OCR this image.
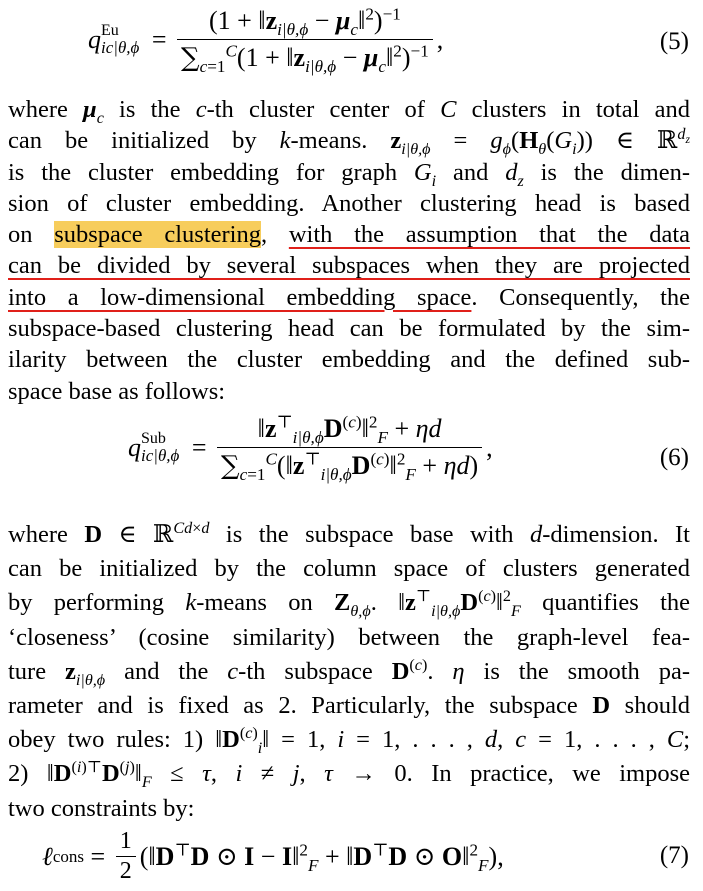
q Eu
$ic|\theta,\phi = \frac{(1 + ‖z_{i|\theta,\phi} - \mu_c‖^2)^{-1}}{\sum_{c=1}^C(1 + ‖z_{i|\theta,\phi} - \mu_c‖^2)^{-1}}$ ,	(5)
where $\mu_c$ is the c-th cluster center of C clusters in total and
can be initialized by k-means. $z_{i|\theta,\phi} = g_\phi(H_\theta(G_i))$ ∈ ℝ$^{d_z}$
is the cluster embedding for graph $G_i$ and $d_z$ is the dimen-
sion of cluster embedding. Another clustering head is based
on subspace clustering, with the assumption that the data
can be divided by several subspaces when they are projected
into a low-dimensional embedding space. Consequently, the
subspace-based clustering head can be formulated by the sim-
ilarity between the cluster embedding and the defined sub-
space base as follows:
q Sub
$ic|\theta,\phi = \frac{‖z^⊤_{i|\theta,\phi}D^{(c)}‖^2_F + \eta d}{\sum_{c=1}^C(‖z^⊤_{i|\theta,\phi}D^{(c)}‖^2_F + \eta d)}$ ,	(6)
where D ∈ ℝ$^{Cd\times d}$ is the subspace base with d-dimension. It
can be initialized by the column space of clusters generated
by performing k-means on $Z_{\theta,\phi}$. $‖z^⊤_{i|\theta,\phi}D^{(c)}‖^2_F$ quantifies the
‘closeness’ (cosine similarity) between the graph-level fea-
ture $z_{i|\theta,\phi}$ and the c-th subspace $D^{(c)}$. η is the smooth pa-
rameter and is fixed as 2. Particularly, the subspace D should
obey two rules: 1) $‖D^{(c)}_i‖ = 1$, i = 1, . . . , d, c = 1, . . . , C;
2) $‖D^{(i)⊤}D^{(j)}‖_F \le \tau$, i ≠ j, τ → 0. In practice, we impose
two constraints by:
ℓ cons = $\frac{1}{2}$ (‖D⊤D ⊙ I − I‖$^2_F$ + ‖D⊤D ⊙ O‖$^2_F$),	(7)
